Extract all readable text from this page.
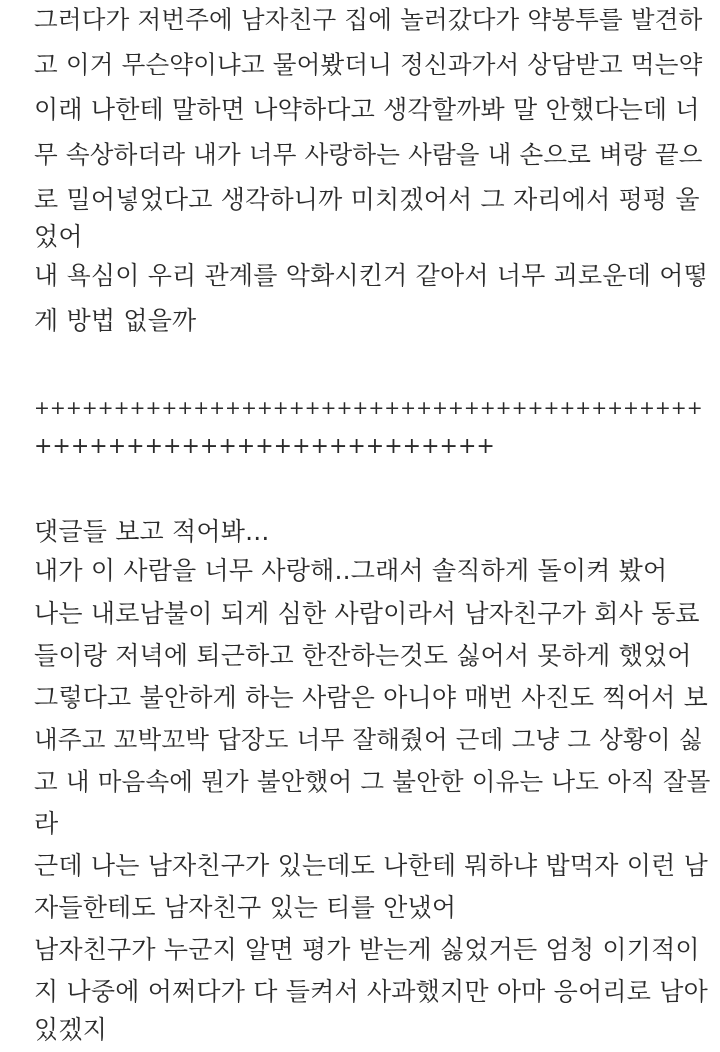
그러다가 저번주에 남자친구 집에 놀러갔다가 약봉투를 발견하
고 이거 무슨약이냐고 물어봤더니 정신과가서 상담받고 먹는약
이래 나한테 말하면 나약하다고 생각할까봐 말 안했다는데 너
무 속상하더라 내가 너무 사랑하는 사람을 내 손으로 벼랑 끝으
로 밀어넣었다고 생각하니까 미치겠어서 그 자리에서 펑펑 울
었어
내 욕심이 우리 관계를 악화시킨거 같아서 너무 괴로운데 어떻
게 방법 없을까
++++++++++++++++++++++++++++++++++++++++++
+++++++++++++++++++++++++
댓글들 보고 적어봐...
내가 이 사람을 너무 사랑해..그래서 솔직하게 돌이켜 봤어
나는 내로남불이 되게 심한 사람이라서 남자친구가 회사 동료
들이랑 저녁에 퇴근하고 한잔하는것도 싫어서 못하게 했었어
그렇다고 불안하게 하는 사람은 아니야 매번 사진도 찍어서 보
내주고 꼬박꼬박 답장도 너무 잘해줬어 근데 그냥 그 상황이 싫
고 내 마음속에 뭔가 불안했어 그 불안한 이유는 나도 아직 잘몰
라
근데 나는 남자친구가 있는데도 나한테 뭐하냐 밥먹자 이런 남
자들한테도 남자친구 있는 티를 안냈어
남자친구가 누군지 알면 평가 받는게 싫었거든 엄청 이기적이
지 나중에 어쩌다가 다 들켜서 사과했지만 아마 응어리로 남아
있겠지
